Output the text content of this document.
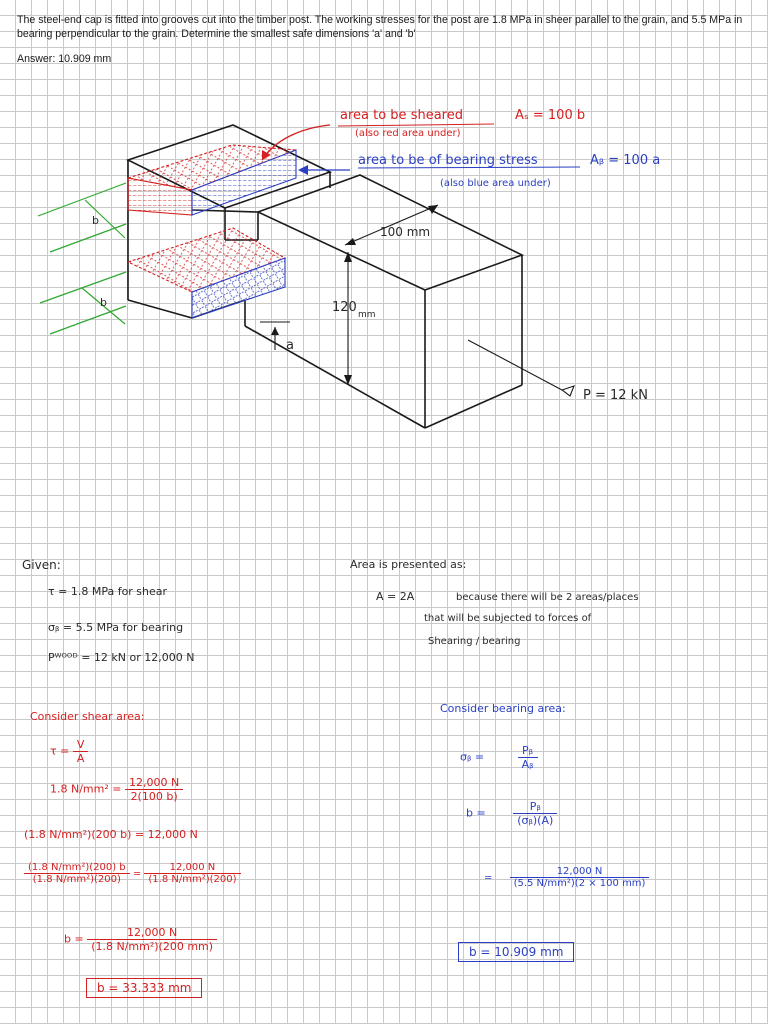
The steel-end cap is fitted into grooves cut into the timber post. The working stresses for the post are 1.8 MPa in sheer parallel to the grain, and 5.5 MPa in bearing perpendicular to the grain. Determine the smallest safe dimensions 'a' and 'b'
Answer: 10.909 mm
area to be sheared	Aₛ = 100 b
(also red area under)
area to be of bearing stress	Aᵦ = 100 a
(also blue area under)
100 mm
120 mm
b
b
a
P = 12 kN
Given:
τ = 1.8 MPa for shear
σᵦ = 5.5 MPa for bearing
Pᵂᴼᴼᴰ = 12 kN or 12,000 N
Area is presented as:
A = 2A	because there will be 2 areas/places
that will be subjected to forces of
Shearing / bearing
Consider shear area:
$\tau = \frac{V}{A}$
1.8 $N/mm^2 = \frac{12,000 N}{2(100 b)}$
(1.8 N/mm²)(200 b) = 12,000 N
$\frac{\text{(1.8 N/mm²)(200) b}}{\text{(1.8 N/mm²)(200)}} = \frac{12,000 N}{\text{(1.8 N/mm²)(200)}}$
$b = \frac{12,000 N}{\text{(1.8 N/mm²)(200 mm)}}$
b = 33.333 mm
Consider bearing area:
σᵦ =	$\frac{\text{Pᵦ}}{\text{Aᵦ}}$
b =	$\frac{\text{Pᵦ}}{\text{(σᵦ)(A)}}$
= $\frac{12,000 N}{\text{(5.5 N/mm²)(2 × 100 mm)}}$
b = 10.909 mm
